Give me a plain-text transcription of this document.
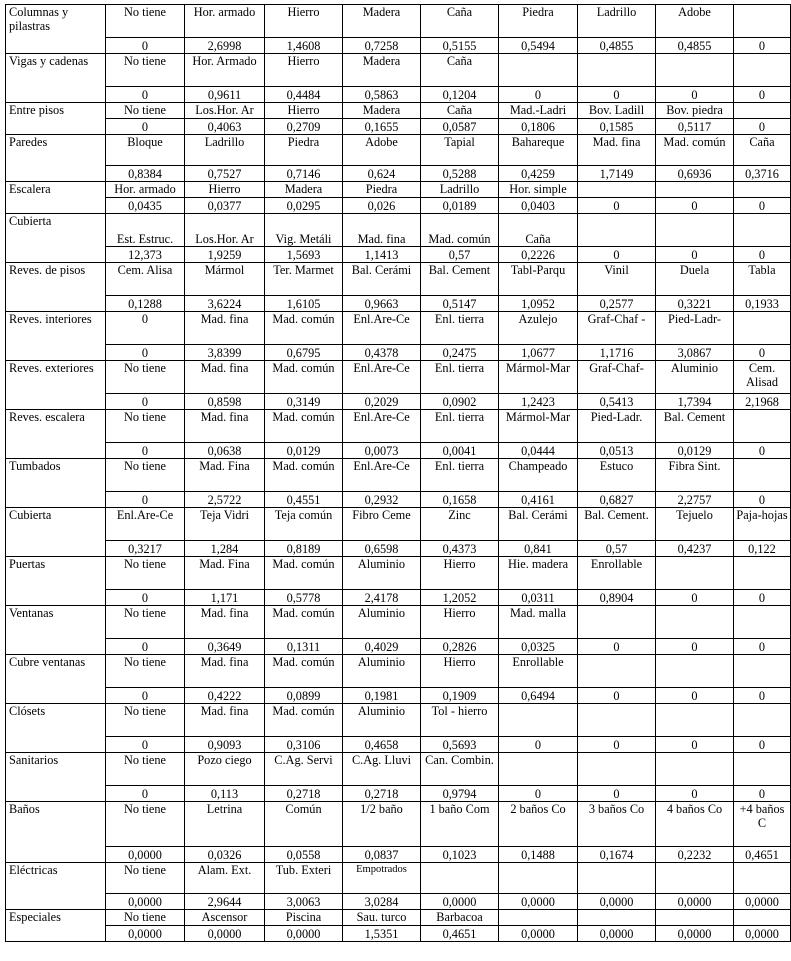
Columnas y pilastras	No tiene	Hor. armado	Hierro	Madera	Caña	Piedra	Ladrillo	Adobe	
	0	2,6998	1,4608	0,7258	0,5155	0,5494	0,4855	0,4855	0
Vigas y cadenas	No tiene	Hor. Armado	Hierro	Madera	Caña				
	0	0,9611	0,4484	0,5863	0,1204	0	0	0	0
Entre pisos	No tiene	Los.Hor. Ar	Hierro	Madera	Caña	Mad.-Ladri	Bov. Ladill	Bov. piedra	
	0	0,4063	0,2709	0,1655	0,0587	0,1806	0,1585	0,5117	0
Paredes	Bloque	Ladrillo	Piedra	Adobe	Tapial	Bahareque	Mad. fina	Mad. común	Caña
	0,8384	0,7527	0,7146	0,624	0,5288	0,4259	1,7149	0,6936	0,3716
Escalera	Hor. armado	Hierro	Madera	Piedra	Ladrillo	Hor. simple			
	0,0435	0,0377	0,0295	0,026	0,0189	0,0403	0	0	0
Cubierta	Est. Estruc.	Los.Hor. Ar	Vig. Metáli	Mad. fina	Mad. común	Caña			
	12,373	1,9259	1,5693	1,1413	0,57	0,2226	0	0	0
Reves. de pisos	Cem. Alisa	Mármol	Ter. Marmet	Bal. Cerámi	Bal. Cement	Tabl-Parqu	Vinil	Duela	Tabla
	0,1288	3,6224	1,6105	0,9663	0,5147	1,0952	0,2577	0,3221	0,1933
Reves. interiores	0	Mad. fina	Mad. común	Enl.Are-Ce	Enl. tierra	Azulejo	Graf-Chaf -	Pied-Ladr-	
	0	3,8399	0,6795	0,4378	0,2475	1,0677	1,1716	3,0867	0
Reves. exteriores	No tiene	Mad. fina	Mad. común	Enl.Are-Ce	Enl. tierra	Mármol-Mar	Graf-Chaf-	Aluminio	Cem. Alisad
	0	0,8598	0,3149	0,2029	0,0902	1,2423	0,5413	1,7394	2,1968
Reves. escalera	No tiene	Mad. fina	Mad. común	Enl.Are-Ce	Enl. tierra	Mármol-Mar	Pied-Ladr.	Bal. Cement	
	0	0,0638	0,0129	0,0073	0,0041	0,0444	0,0513	0,0129	0
Tumbados	No tiene	Mad. Fina	Mad. común	Enl.Are-Ce	Enl. tierra	Champeado	Estuco	Fibra Sint.	
	0	2,5722	0,4551	0,2932	0,1658	0,4161	0,6827	2,2757	0
Cubierta	Enl.Are-Ce	Teja Vidri	Teja común	Fibro Ceme	Zinc	Bal. Cerámi	Bal. Cement.	Tejuelo	Paja-hojas
	0,3217	1,284	0,8189	0,6598	0,4373	0,841	0,57	0,4237	0,122
Puertas	No tiene	Mad. Fina	Mad. común	Aluminio	Hierro	Hie. madera	Enrollable		
	0	1,171	0,5778	2,4178	1,2052	0,0311	0,8904	0	0
Ventanas	No tiene	Mad. fina	Mad. común	Aluminio	Hierro	Mad. malla			
	0	0,3649	0,1311	0,4029	0,2826	0,0325	0	0	0
Cubre ventanas	No tiene	Mad. fina	Mad. común	Aluminio	Hierro	Enrollable			
	0	0,4222	0,0899	0,1981	0,1909	0,6494	0	0	0
Clósets	No tiene	Mad. fina	Mad. común	Aluminio	Tol - hierro				
	0	0,9093	0,3106	0,4658	0,5693	0	0	0	0
Sanitarios	No tiene	Pozo ciego	C.Ag. Servi	C.Ag. Lluvi	Can. Combin.				
	0	0,113	0,2718	0,2718	0,9794	0	0	0	0
Baños	No tiene	Letrina	Común	1/2 baño	1 baño Com	2 baños Co	3 baños Co	4 baños Co	+4 baños C
	0,0000	0,0326	0,0558	0,0837	0,1023	0,1488	0,1674	0,2232	0,4651
Eléctricas	No tiene	Alam. Ext.	Tub. Exteri	Empotrados					
	0,0000	2,9644	3,0063	3,0284	0,0000	0,0000	0,0000	0,0000	0,0000
Especiales	No tiene	Ascensor	Piscina	Sau. turco	Barbacoa				
	0,0000	0,0000	0,0000	1,5351	0,4651	0,0000	0,0000	0,0000	0,0000
